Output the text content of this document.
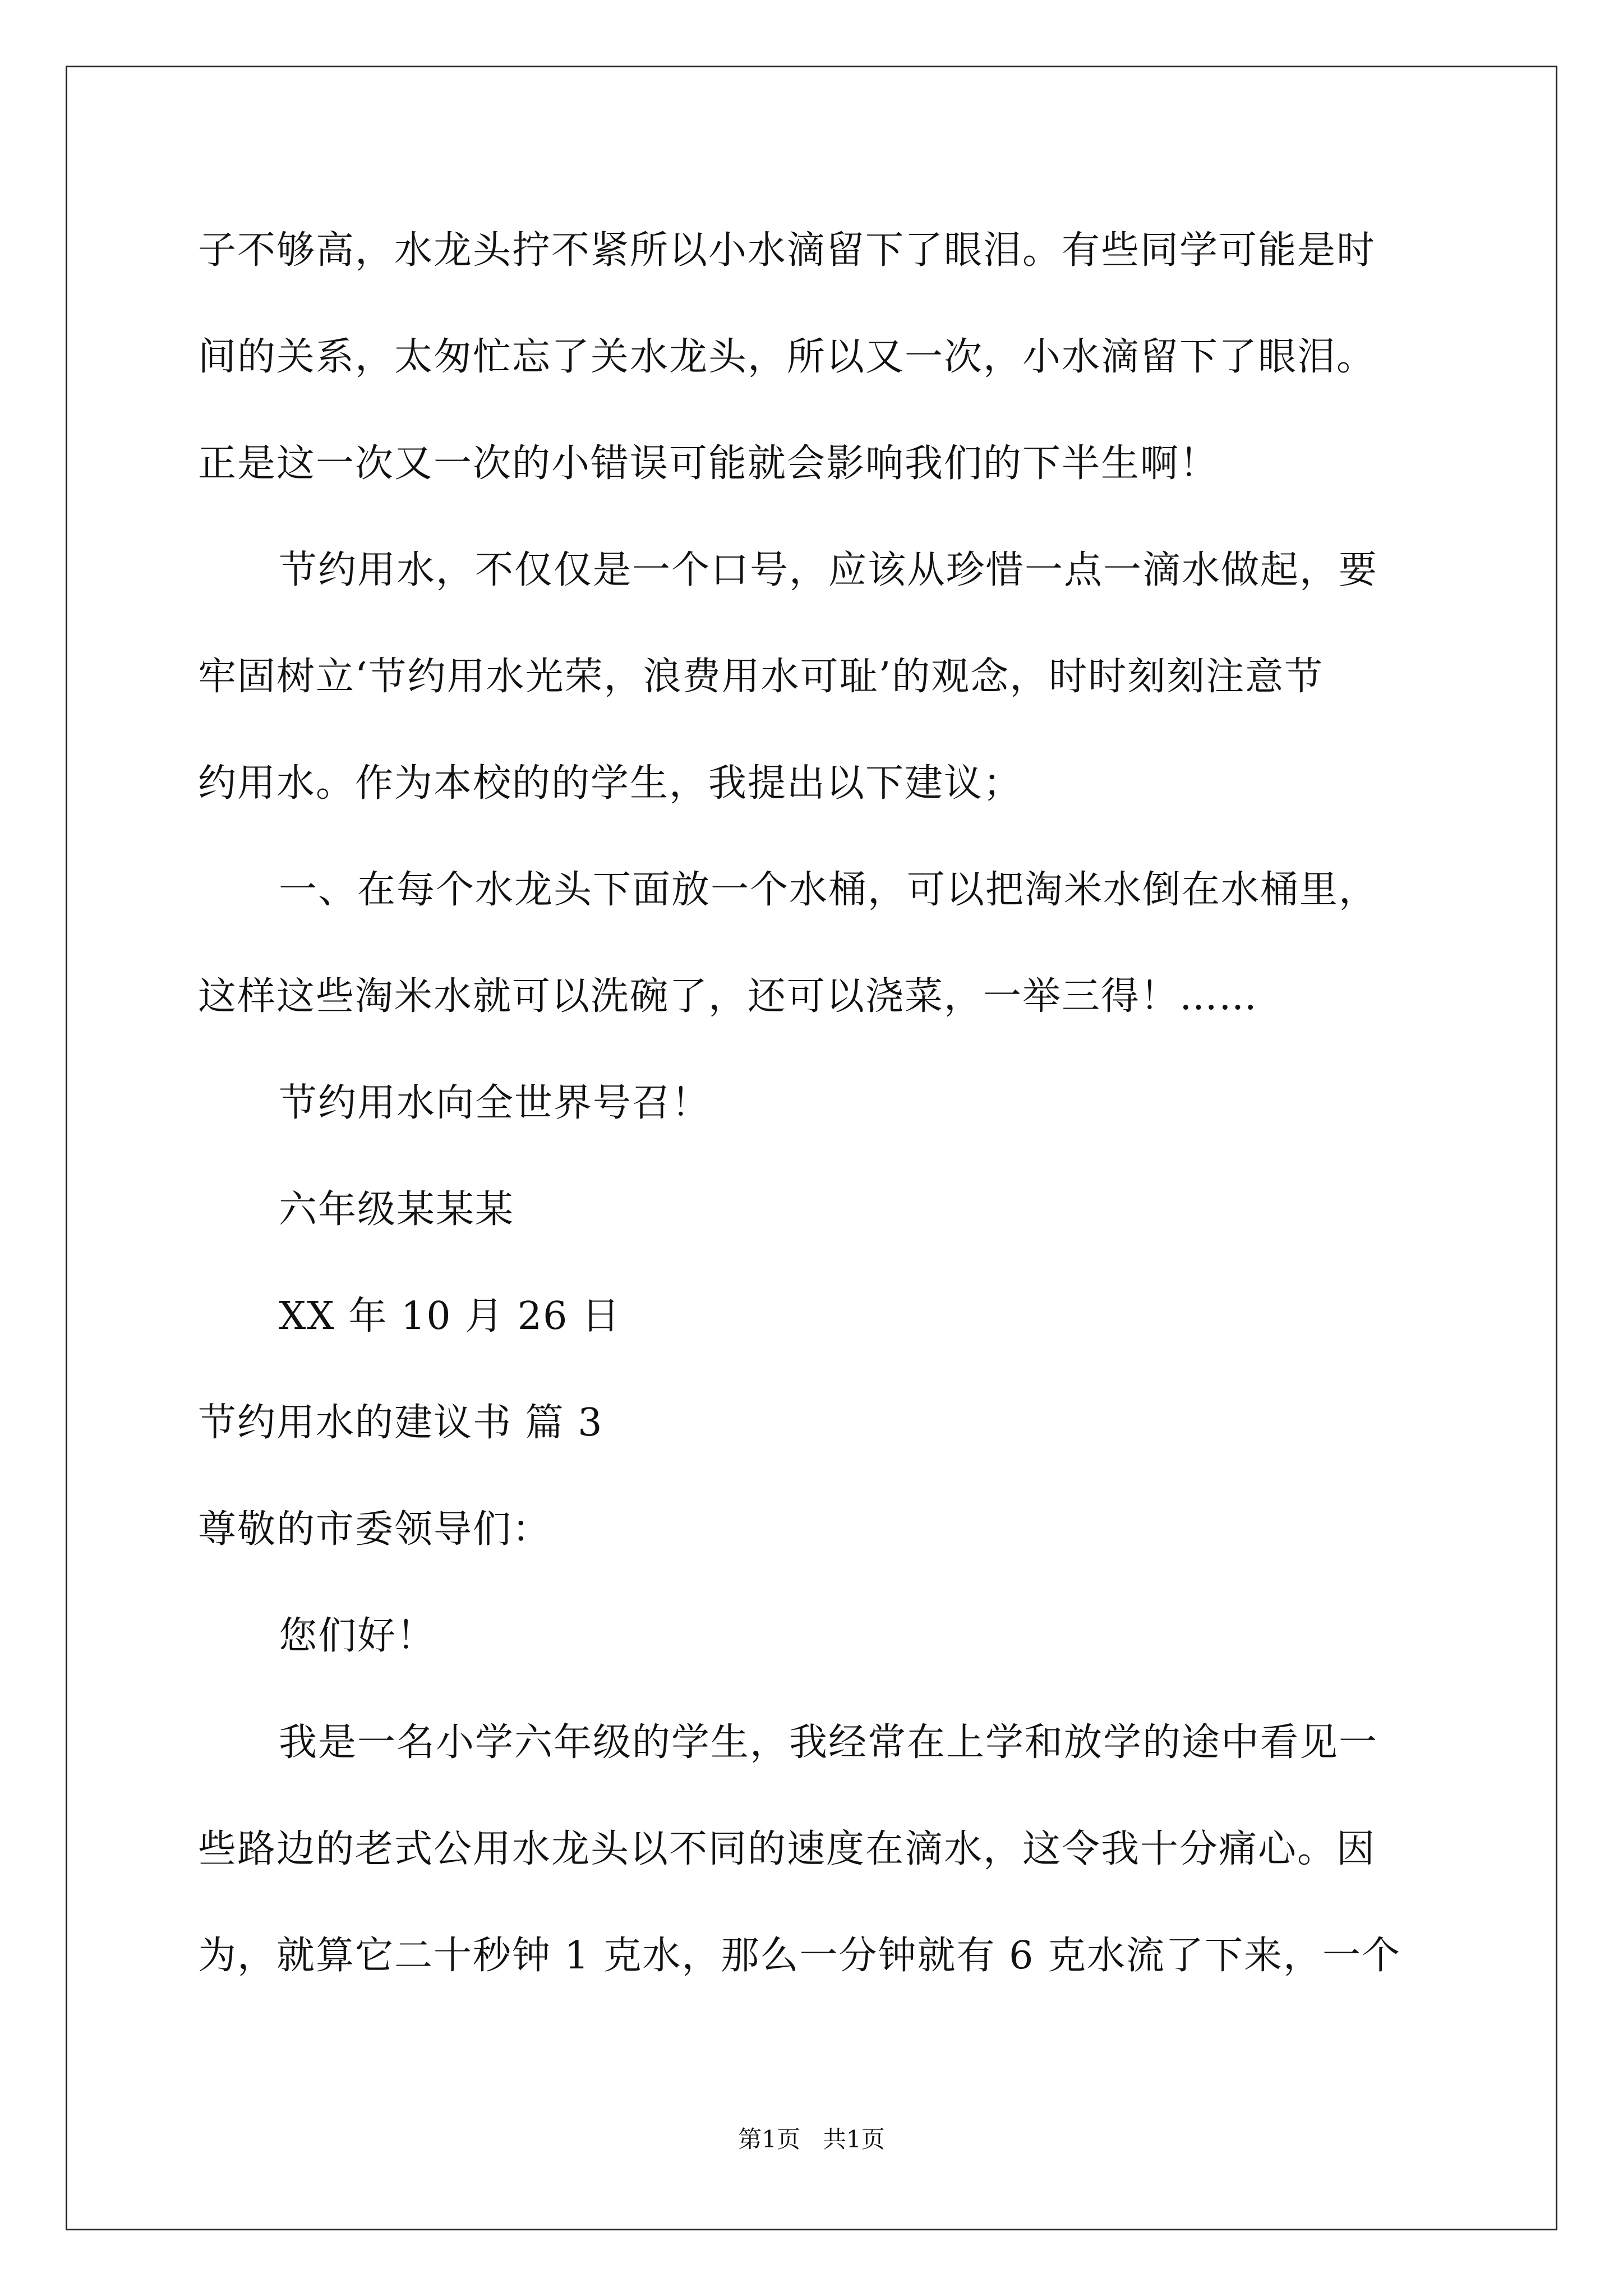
子不够高，水龙头拧不紧所以小水滴留下了眼泪。有些同学可能是时
间的关系，太匆忙忘了关水龙头，所以又一次，小水滴留下了眼泪。
正是这一次又一次的小错误可能就会影响我们的下半生啊！
节约用水，不仅仅是一个口号，应该从珍惜一点一滴水做起，要
牢固树立‘节约用水光荣，浪费用水可耻’的观念，时时刻刻注意节
约用水。作为本校的的学生，我提出以下建议；
一、在每个水龙头下面放一个水桶，可以把淘米水倒在水桶里，
这样这些淘米水就可以洗碗了，还可以浇菜，一举三得！……
节约用水向全世界号召！
六年级某某某
XX 年 10 月 26 日
节约用水的建议书 篇 3
尊敬的市委领导们：
您们好！
我是一名小学六年级的学生，我经常在上学和放学的途中看见一
些路边的老式公用水龙头以不同的速度在滴水，这令我十分痛心。因
为，就算它二十秒钟 1 克水，那么一分钟就有 6 克水流了下来，一个
第1页   共1页
